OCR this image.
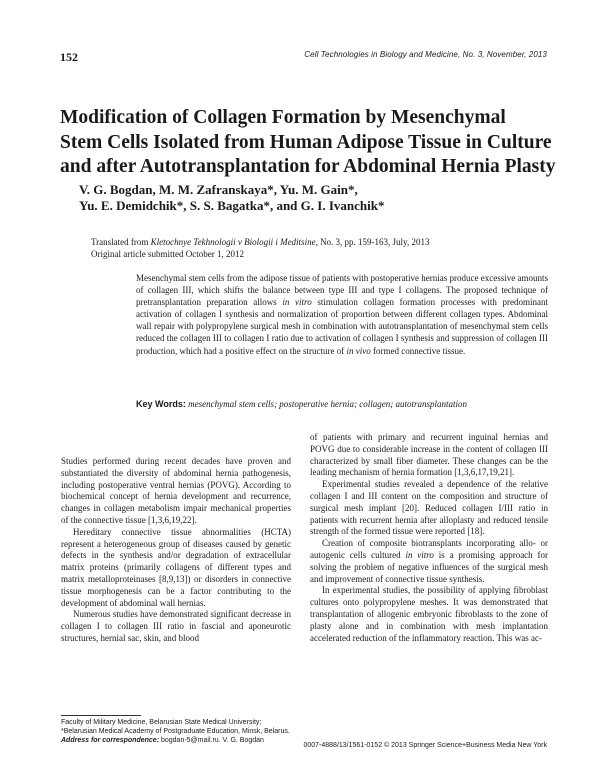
152	Cell Technologies in Biology and Medicine, No. 3, November, 2013
Modification of Collagen Formation by Mesenchymal
Stem Cells Isolated from Human Adipose Tissue in Culture
and after Autotransplantation for Abdominal Hernia Plasty
V. G. Bogdan, M. M. Zafranskaya*, Yu. M. Gain*,
Yu. E. Demidchik*, S. S. Bagatka*, and G. I. Ivanchik*
Translated from Kletochnye Tekhnologii v Biologii i Meditsine, No. 3, pp. 159-163, July, 2013
Original article submitted October 1, 2012
Mesenchymal stem cells from the adipose tissue of patients with postoperative hernias produce excessive amounts of collagen III, which shifts the balance between type III and type I collagens. The proposed technique of pretransplantation preparation allows in vitro stimulation collagen formation processes with predominant activation of collagen I synthesis and normalization of proportion between different collagen types. Abdominal wall repair with polypropylene surgical mesh in combination with autotransplantation of mesenchymal stem cells reduced the collagen III to collagen I ratio due to activation of collagen I synthesis and suppression of collagen III production, which had a positive effect on the structure of in vivo formed connective tissue.
Key Words: mesenchymal stem cells; postoperative hernia; collagen; autotransplantation

Studies performed during recent decades have proven and substantiated the diversity of abdominal hernia pathogenesis, including postoperative ventral hernias (POVG). According to biochemical concept of hernia development and recurrence, changes in collagen metabolism impair mechanical properties of the connective tissue [1,3,6,19,22].

Hereditary connective tissue abnormalities (HCTA) represent a heterogeneous group of diseases caused by genetic defects in the synthesis and/or degradation of extracellular matrix proteins (primarily collagens of different types and matrix metalloproteinases [8,9,13]) or disorders in connective tissue morphogenesis can be a factor contributing to the development of abdominal wall hernias.

Numerous studies have demonstrated significant decrease in collagen I to collagen III ratio in fascial and aponeurotic structures, hernial sac, skin, and blood

of patients with primary and recurrent inguinal hernias and POVG due to considerable increase in the content of collagen III characterized by small fiber diameter. These changes can be the leading mechanism of hernia formation [1,3,6,17,19,21].

Experimental studies revealed a dependence of the relative collagen I and III content on the composition and structure of surgical mesh implant [20]. Reduced collagen I/III ratio in patients with recurrent hernia after alloplasty and reduced tensile strength of the formed tissue were reported [18].

Creation of composite biotransplants incorporating allo- or autogenic cells cultured in vitro is a promising approach for solving the problem of negative influences of the surgical mesh and improvement of connective tissue synthesis.

In experimental studies, the possibility of applying fibroblast cultures onto polypropylene meshes. It was demonstrated that transplantation of allogenic embryonic fibroblasts to the zone of plasty alone and in combination with mesh implantation accelerated reduction of the inflammatory reaction. This was ac-

Faculty of Military Medicine, Belarusian State Medical University; *Belarusian Medical Academy of Postgraduate Education, Minsk, Belarus.
Address for correspondence: bogdan-5@mail.ru. V. G. Bogdan
0007-4888/13/1561-0152 © 2013 Springer Science+Business Media New York
